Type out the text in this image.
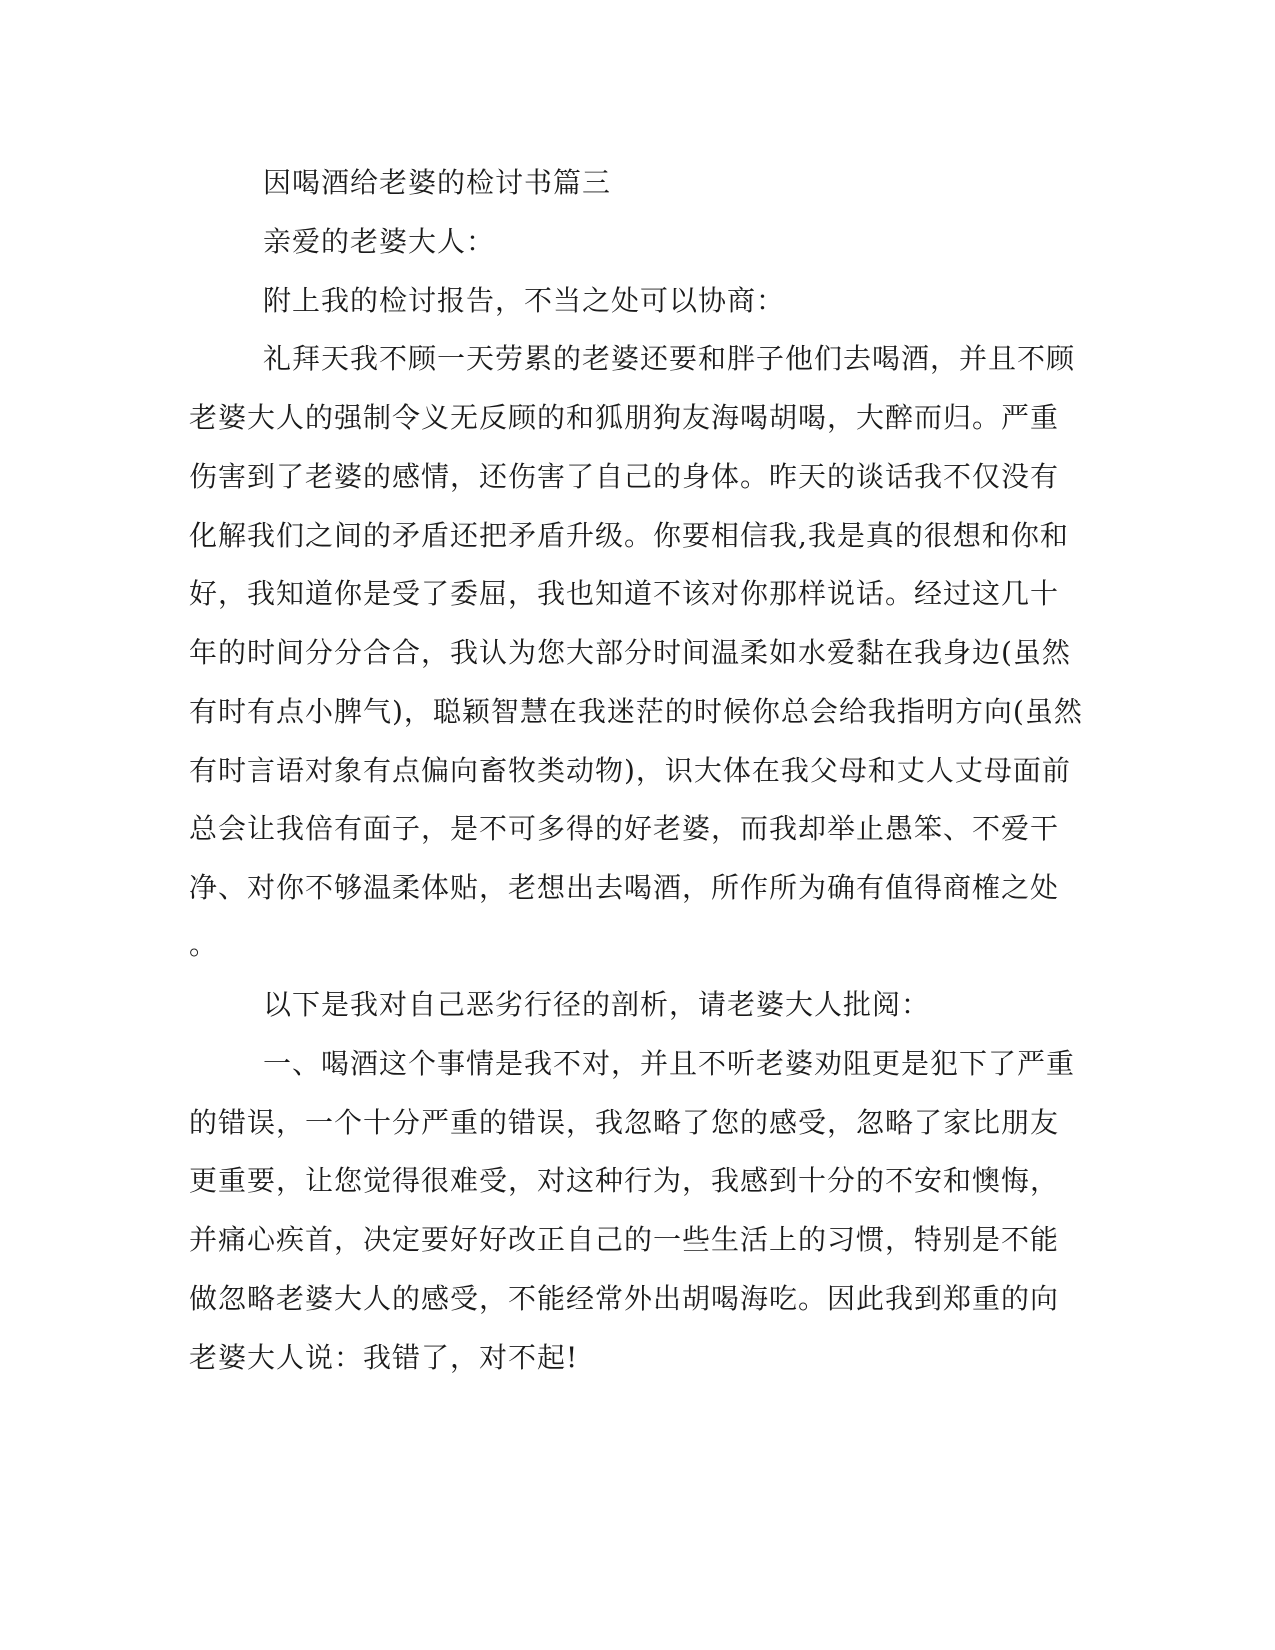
因喝酒给老婆的检讨书篇三
亲爱的老婆大人：
附上我的检讨报告，不当之处可以协商：
礼拜天我不顾一天劳累的老婆还要和胖子他们去喝酒，并且不顾
老婆大人的强制令义无反顾的和狐朋狗友海喝胡喝，大醉而归。严重
伤害到了老婆的感情，还伤害了自己的身体。昨天的谈话我不仅没有
化解我们之间的矛盾还把矛盾升级。你要相信我,我是真的很想和你和
好，我知道你是受了委屈，我也知道不该对你那样说话。经过这几十
年的时间分分合合，我认为您大部分时间温柔如水爱黏在我身边(虽然
有时有点小脾气)，聪颖智慧在我迷茫的时候你总会给我指明方向(虽然
有时言语对象有点偏向畜牧类动物)，识大体在我父母和丈人丈母面前
总会让我倍有面子，是不可多得的好老婆，而我却举止愚笨、不爱干
净、对你不够温柔体贴，老想出去喝酒，所作所为确有值得商榷之处
。
以下是我对自己恶劣行径的剖析，请老婆大人批阅：
一、喝酒这个事情是我不对，并且不听老婆劝阻更是犯下了严重
的错误，一个十分严重的错误，我忽略了您的感受，忽略了家比朋友
更重要，让您觉得很难受，对这种行为，我感到十分的不安和懊悔，
并痛心疾首，决定要好好改正自己的一些生活上的习惯，特别是不能
做忽略老婆大人的感受，不能经常外出胡喝海吃。因此我到郑重的向
老婆大人说：我错了，对不起!
